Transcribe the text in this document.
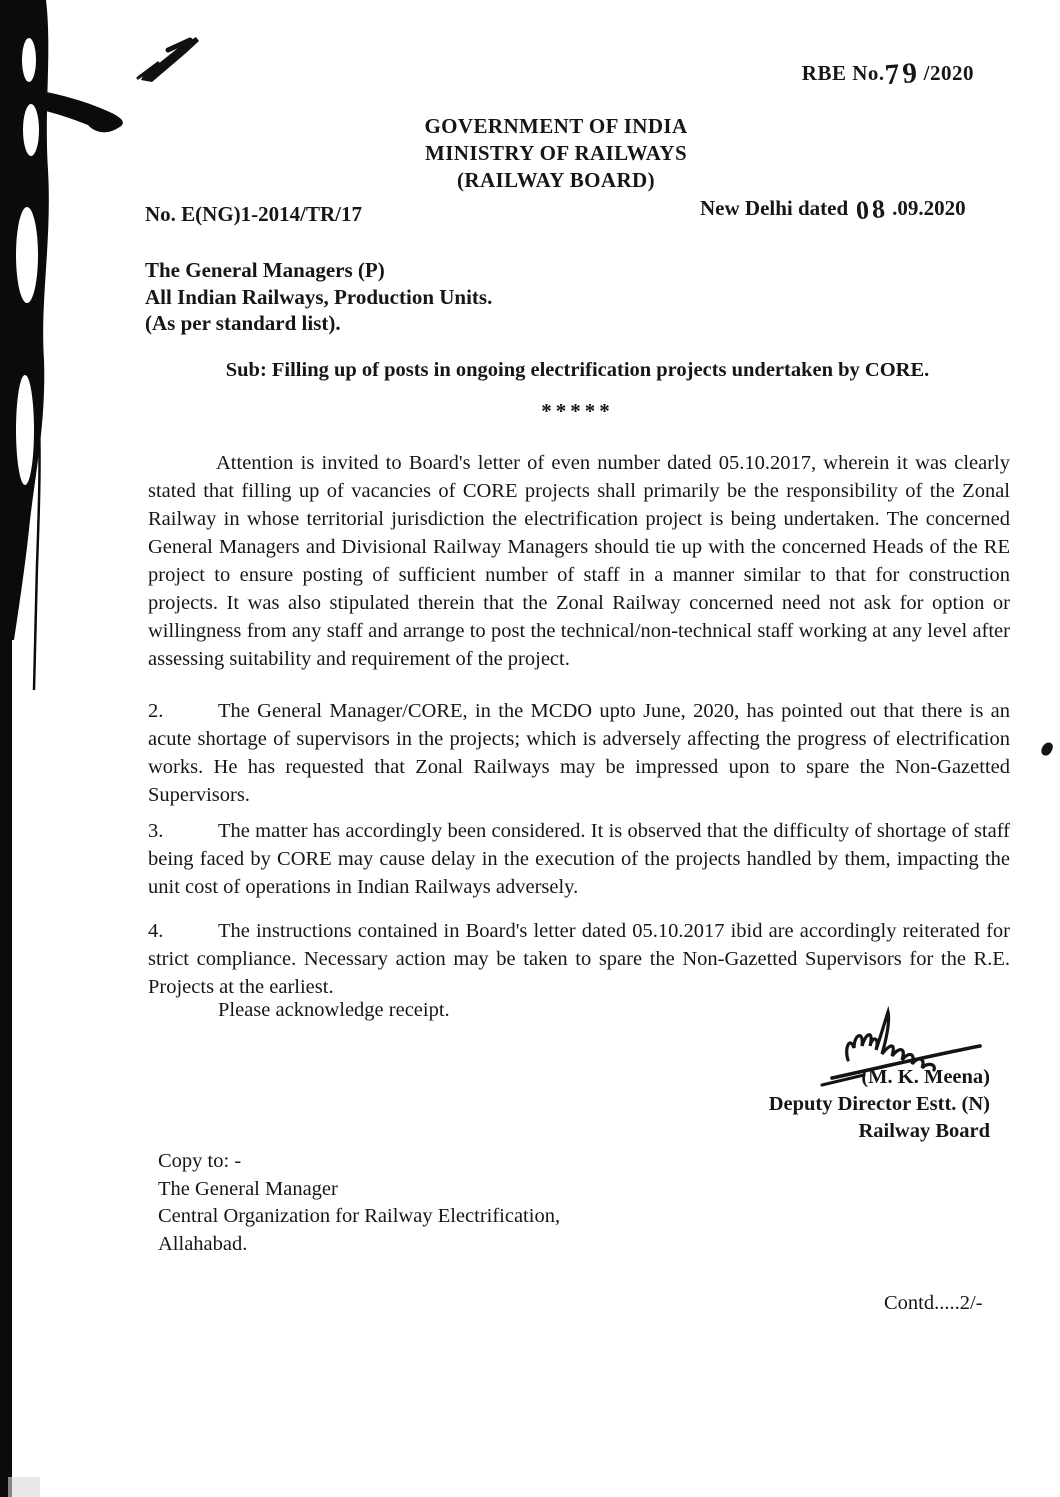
RBE No.79 /2020
GOVERNMENT OF INDIA
MINISTRY OF RAILWAYS
(RAILWAY BOARD)
No. E(NG)1-2014/TR/17	New Delhi dated 08 .09.2020
The General Managers (P)
All Indian Railways, Production Units.
(As per standard list).
Sub: Filling up of posts in ongoing electrification projects undertaken by CORE.
*****

Attention is invited to Board's letter of even number dated 05.10.2017, wherein it was clearly stated that filling up of vacancies of CORE projects shall primarily be the responsibility of the Zonal Railway in whose territorial jurisdiction the electrification project is being undertaken. The concerned General Managers and Divisional Railway Managers should tie up with the concerned Heads of the RE project to ensure posting of sufficient number of staff in a manner similar to that for construction projects. It was also stipulated therein that the Zonal Railway concerned need not ask for option or willingness from any staff and arrange to post the technical/non-technical staff working at any level after assessing suitability and requirement of the project.

2.	The General Manager/CORE, in the MCDO upto June, 2020, has pointed out that there is an acute shortage of supervisors in the projects; which is adversely affecting the progress of electrification works. He has requested that Zonal Railways may be impressed upon to spare the Non-Gazetted Supervisors.

3.	The matter has accordingly been considered. It is observed that the difficulty of shortage of staff being faced by CORE may cause delay in the execution of the projects handled by them, impacting the unit cost of operations in Indian Railways adversely.

4.	The instructions contained in Board's letter dated 05.10.2017 ibid are accordingly reiterated for strict compliance. Necessary action may be taken to spare the Non-Gazetted Supervisors for the R.E. Projects at the earliest.

Please acknowledge receipt.
(M. K. Meena)
Deputy Director Estt. (N)
Railway Board
Copy to: -
The General Manager
Central Organization for Railway Electrification,
Allahabad.
Contd.....2/-
